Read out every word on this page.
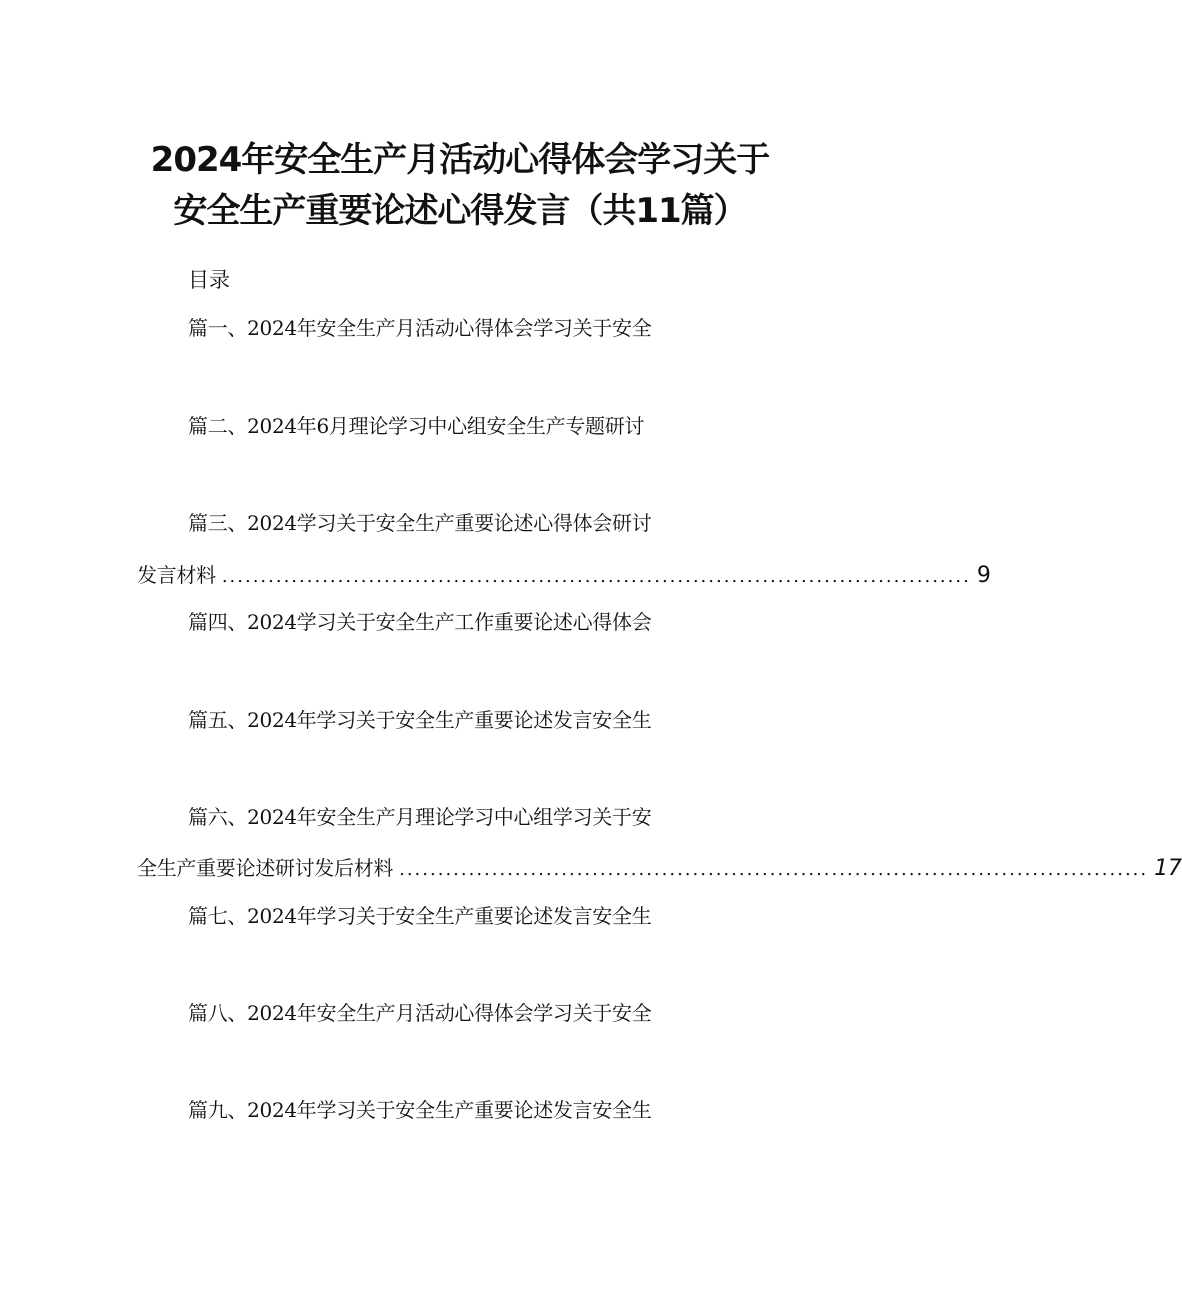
2024年安全生产月活动心得体会学习关于
安全生产重要论述心得发言（共11篇）
目录
篇一、2024年安全生产月活动心得体会学习关于安全
篇二、2024年6月理论学习中心组安全生产专题研讨
篇三、2024学习关于安全生产重要论述心得体会研讨
发言材料 ................................................................................................. 9
篇四、2024学习关于安全生产工作重要论述心得体会
篇五、2024年学习关于安全生产重要论述发言安全生
篇六、2024年安全生产月理论学习中心组学习关于安
全生产重要论述研讨发后材料 ................................................................................................. 17
篇七、2024年学习关于安全生产重要论述发言安全生
篇八、2024年安全生产月活动心得体会学习关于安全
篇九、2024年学习关于安全生产重要论述发言安全生
